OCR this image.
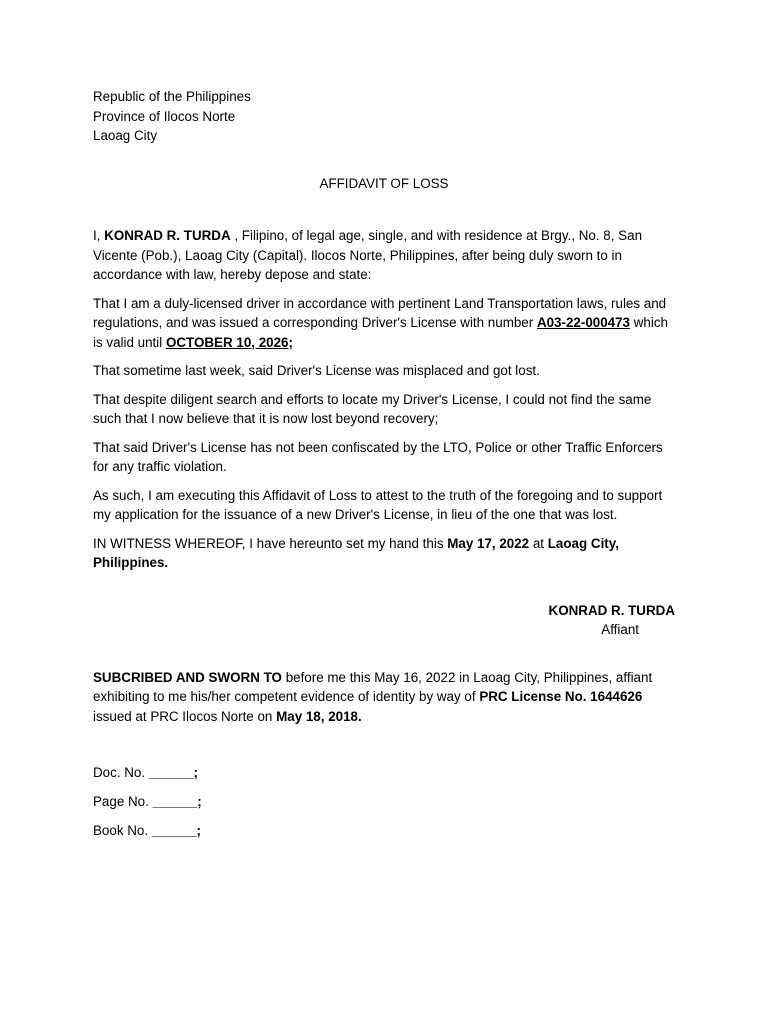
Republic of the Philippines

Province of Ilocos Norte

Laoag City

AFFIDAVIT OF LOSS

I, KONRAD R. TURDA , Filipino, of legal age, single, and with residence at Brgy., No. 8, San Vicente (Pob.), Laoag City (Capital). Ilocos Norte, Philippines, after being duly sworn to in accordance with law, hereby depose and state:

That I am a duly-licensed driver in accordance with pertinent Land Transportation laws, rules and regulations, and was issued a corresponding Driver's License with number A03-22-000473 which is valid until OCTOBER 10, 2026;

That sometime last week, said Driver's License was misplaced and got lost.

That despite diligent search and efforts to locate my Driver's License, I could not find the same such that I now believe that it is now lost beyond recovery;

That said Driver's License has not been confiscated by the LTO, Police or other Traffic Enforcers for any traffic violation.

As such, I am executing this Affidavit of Loss to attest to the truth of the foregoing and to support my application for the issuance of a new Driver's License, in lieu of the one that was lost.

IN WITNESS WHEREOF, I have hereunto set my hand this May 17, 2022 at Laoag City, Philippines.

KONRAD R. TURDA
Affiant

SUBCRIBED AND SWORN TO before me this May 16, 2022 in Laoag City, Philippines, affiant exhibiting to me his/her competent evidence of identity by way of PRC License No. 1644626 issued at PRC Ilocos Norte on May 18, 2018.

Doc. No. ______;

Page No. ______;

Book No. ______;
